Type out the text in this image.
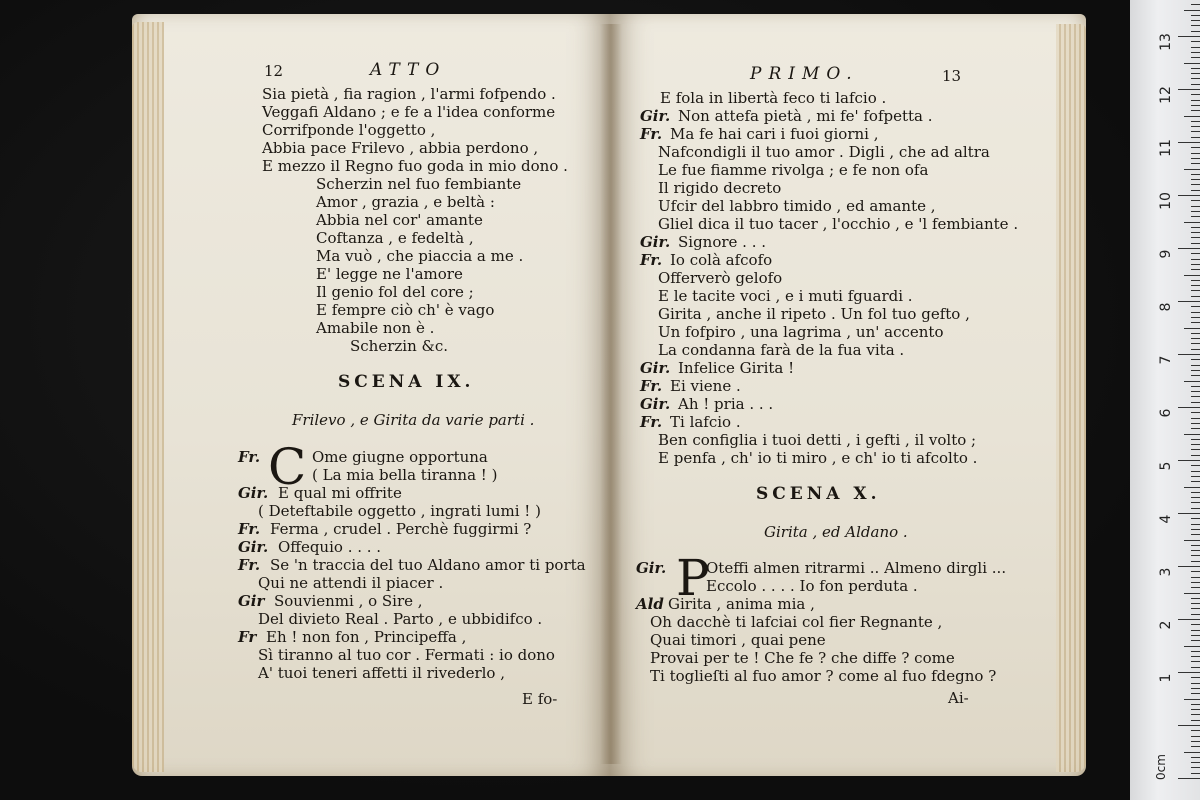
12	ATTO
Sia pietà , fia ragion , l'armi fofpendo .
Veggafi Aldano ; e fe a l'idea conforme
Corrifponde l'oggetto ,
Abbia pace Frilevo , abbia perdono ,
E mezzo il Regno fuo goda in mio dono .
Scherzin nel fuo fembiante
Amor , grazia , e beltà :
Abbia nel cor' amante
Coftanza , e fedeltà ,
Ma vuò , che piaccia a me .
E' legge ne l'amore
Il genio fol del core ;
E fempre ciò ch' è vago
Amabile non è .
Scherzin &c.
SCENA IX.
Frilevo , e Girita da varie parti .
C
Fr.	Ome giugne opportuna
( La mia bella tiranna ! )
Gir. E qual mi offrite
( Deteftabile oggetto , ingrati lumi ! )
Fr. Ferma , crudel . Perchè fuggirmi ?
Gir. Offequio . . . .
Fr. Se 'n traccia del tuo Aldano amor ti porta
Qui ne attendi il piacer .
Gir Souvienmi , o Sire ,
Del divieto Real . Parto , e ubbidifco .
Fr Eh ! non fon , Principeffa ,
Sì tiranno al tuo cor . Fermati : io dono
A' tuoi teneri affetti il rivederlo ,
E fo-
PRIMO.	13
E fola in libertà feco ti lafcio .
Gir. Non attefa pietà , mi fe' fofpetta .
Fr. Ma fe hai cari i fuoi giorni ,
Nafcondigli il tuo amor . Digli , che ad altra
Le fue fiamme rivolga ; e fe non ofa
Il rigido decreto
Ufcir del labbro timido , ed amante ,
Gliel dica il tuo tacer , l'occhio , e 'l fembiante .
Gir. Signore . . .
Fr. Io colà afcofo
Offerverò gelofo
E le tacite voci , e i muti fguardi .
Girita , anche il ripeto . Un fol tuo gefto ,
Un fofpiro , una lagrima , un' accento
La condanna farà de la fua vita .
Gir. Infelice Girita !
Fr. Ei viene .
Gir. Ah ! pria . . .
Fr. Ti lafcio .
Ben configlia i tuoi detti , i gefti , il volto ;
E penfa , ch' io ti miro , e ch' io ti afcolto .
SCENA X.
Girita , ed Aldano .
P
Gir.	Oteffi almen ritrarmi .. Almeno dirgli ...
Eccolo . . . . Io fon perduta .
Ald Girita , anima mia ,
Oh dacchè ti lafciai col fier Regnante ,
Quai timori , quai pene
Provai per te ! Che fe ? che diffe ? come
Ti toglieſti al fuo amor ? come al fuo fdegno ?
Ai-
0cm
1
2
3
4
5
6
7
8
9
10
11
12
13
